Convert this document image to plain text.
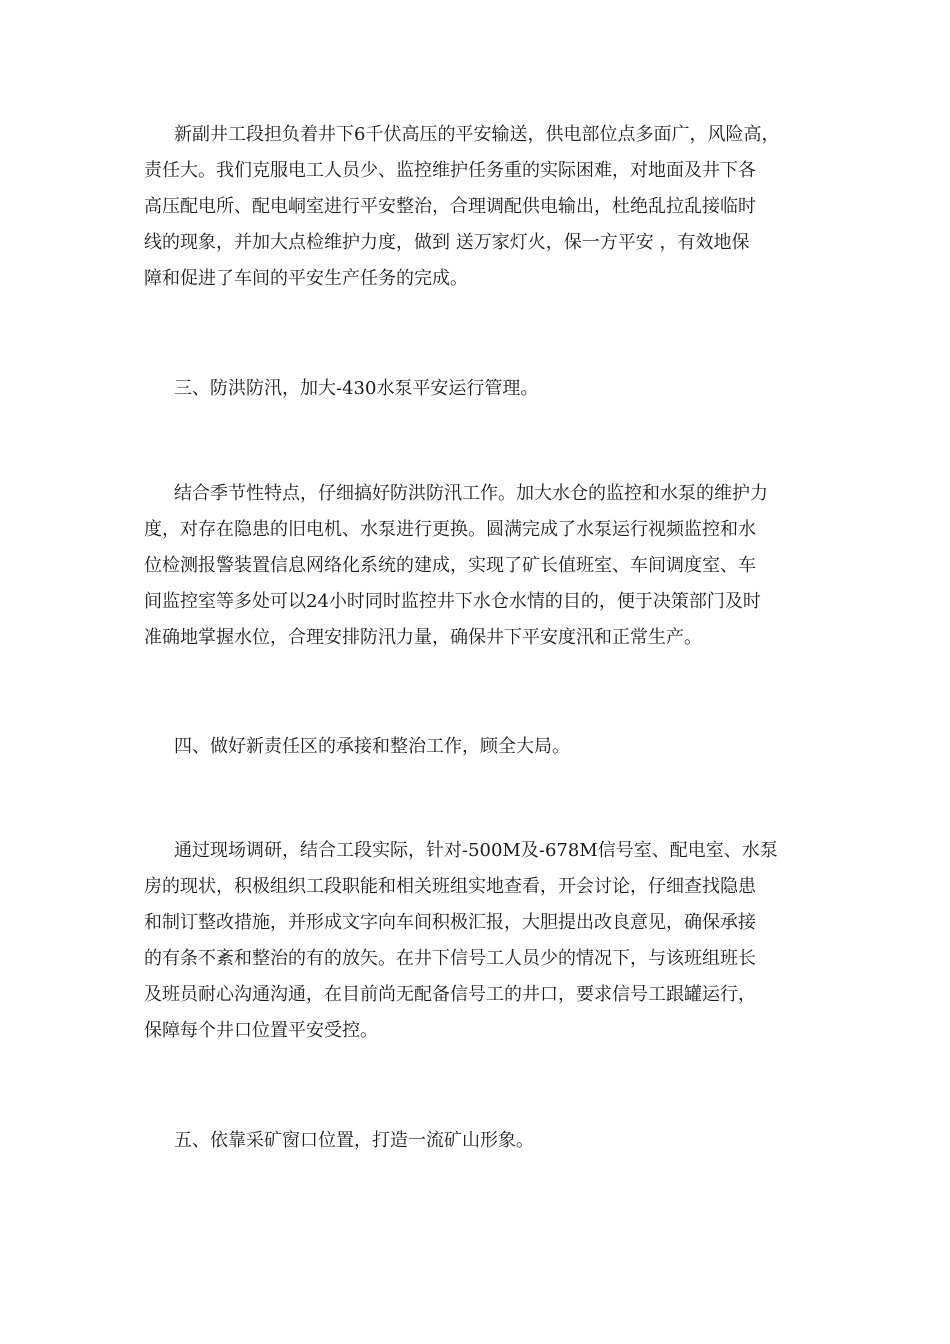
新副井工段担负着井下6千伏高压的平安输送，供电部位点多面广，风险高，
责任大。我们克服电工人员少、监控维护任务重的实际困难，对地面及井下各
高压配电所、配电峒室进行平安整治，合理调配供电输出，杜绝乱拉乱接临时
线的现象，并加大点检维护力度，做到 送万家灯火，保一方平安 ，有效地保
障和促进了车间的平安生产任务的完成。
三、防洪防汛，加大-430水泵平安运行管理。
结合季节性特点，仔细搞好防洪防汛工作。加大水仓的监控和水泵的维护力
度，对存在隐患的旧电机、水泵进行更换。圆满完成了水泵运行视频监控和水
位检测报警装置信息网络化系统的建成，实现了矿长值班室、车间调度室、车
间监控室等多处可以24小时同时监控井下水仓水情的目的，便于决策部门及时
准确地掌握水位，合理安排防汛力量，确保井下平安度汛和正常生产。
四、做好新责任区的承接和整治工作，顾全大局。
通过现场调研，结合工段实际，针对-500M及-678M信号室、配电室、水泵
房的现状，积极组织工段职能和相关班组实地查看，开会讨论，仔细查找隐患
和制订整改措施，并形成文字向车间积极汇报，大胆提出改良意见，确保承接
的有条不紊和整治的有的放矢。在井下信号工人员少的情况下，与该班组班长
及班员耐心沟通沟通，在目前尚无配备信号工的井口，要求信号工跟罐运行，
保障每个井口位置平安受控。
五、依靠采矿窗口位置，打造一流矿山形象。
